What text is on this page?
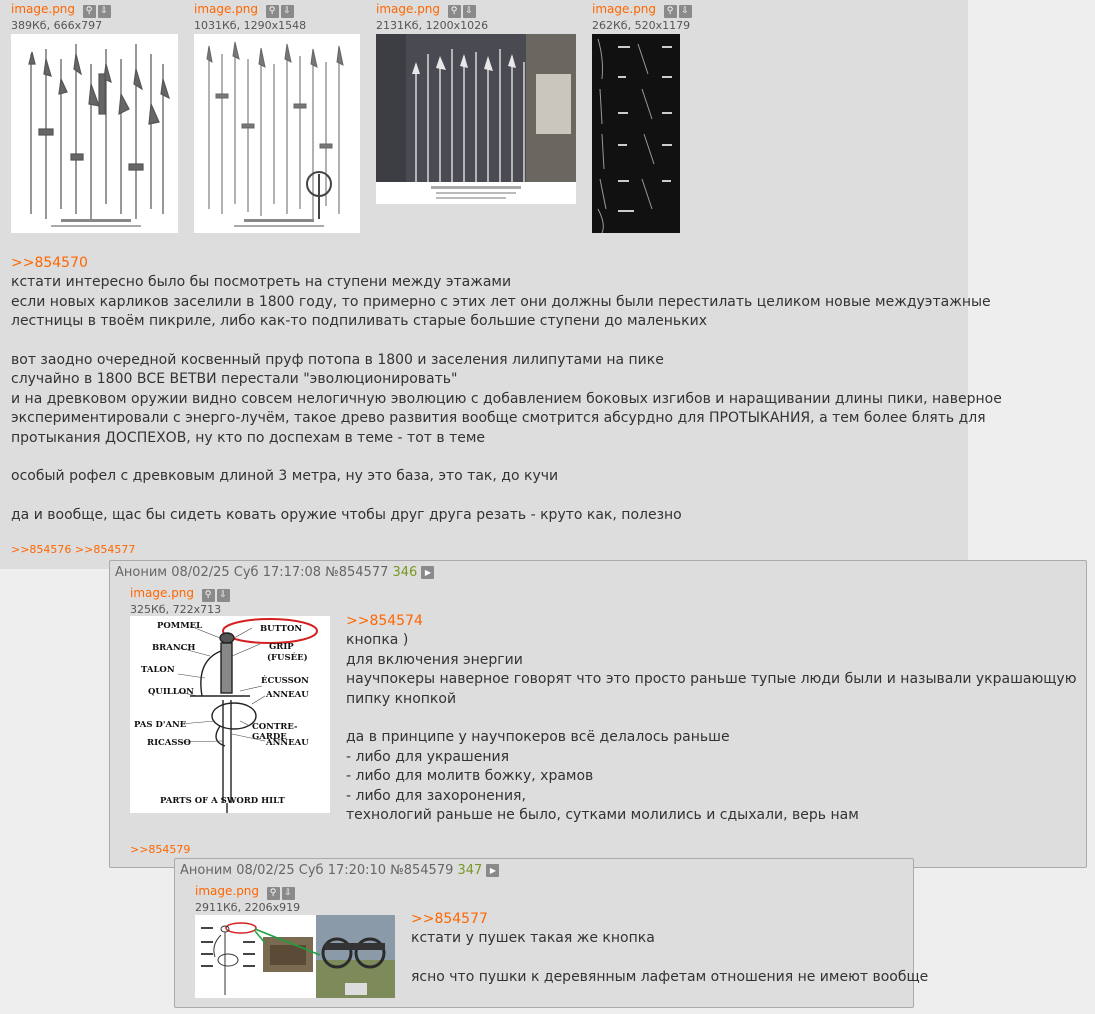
image.png ⚲ ⇩
389Кб, 666x797
image.png ⚲ ⇩
1031Кб, 1290x1548
image.png ⚲ ⇩
2131Кб, 1200x1026
image.png ⚲ ⇩
262Кб, 520x1179
>>854570
кстати интересно было бы посмотреть на ступени между этажами
если новых карликов заселили в 1800 году, то примерно с этих лет они должны были перестилать целиком новые междуэтажные
лестницы в твоём пикриле, либо как-то подпиливать старые большие ступени до маленьких
вот заодно очередной косвенный пруф потопа в 1800 и заселения лилипутами на пике
случайно в 1800 ВСЕ ВЕТВИ перестали "эволюционировать"
и на древковом оружии видно совсем нелогичную эволюцию с добавлением боковых изгибов и наращивании длины пики, наверное
экспериментировали с энерго-лучём, такое древо развития вообще смотрится абсурдно для ПРОТЫКАНИЯ, а тем более блять для
протыкания ДОСПЕХОВ, ну кто по доспехам в теме - тот в теме
особый рофел с древковым длиной 3 метра, ну это база, это так, до кучи
да и вообще, щас бы сидеть ковать оружие чтобы друг друга резать - круто как, полезно
>>854576 >>854577
Аноним 08/02/25 Суб 17:17:08 №854577 346 ▶
image.png ⚲ ⇩
325Кб, 722x713
POMMEL	BUTTON
BRANCH	GRIP
(FUSÉE)
TALON
ÉCUSSON
QUILLON	ANNEAU
PAS D'ANE	CONTRE-GARDE
RICASSO	ANNEAU
PARTS OF A SWORD HILT
>>854574
кнопка )
для включения энергии
научпокеры наверное говорят что это просто раньше тупые люди были и называли украшающую
пипку кнопкой
да в принципе у научпокеров всё делалось раньше
- либо для украшения
- либо для молитв божку, храмов
- либо для захоронения,
технологий раньше не было, сутками молились и сдыхали, верь нам
>>854579
Аноним 08/02/25 Суб 17:20:10 №854579 347 ▶
image.png ⚲ ⇩
2911Кб, 2206x919
>>854577
кстати у пушек такая же кнопка
ясно что пушки к деревянным лафетам отношения не имеют вообще
